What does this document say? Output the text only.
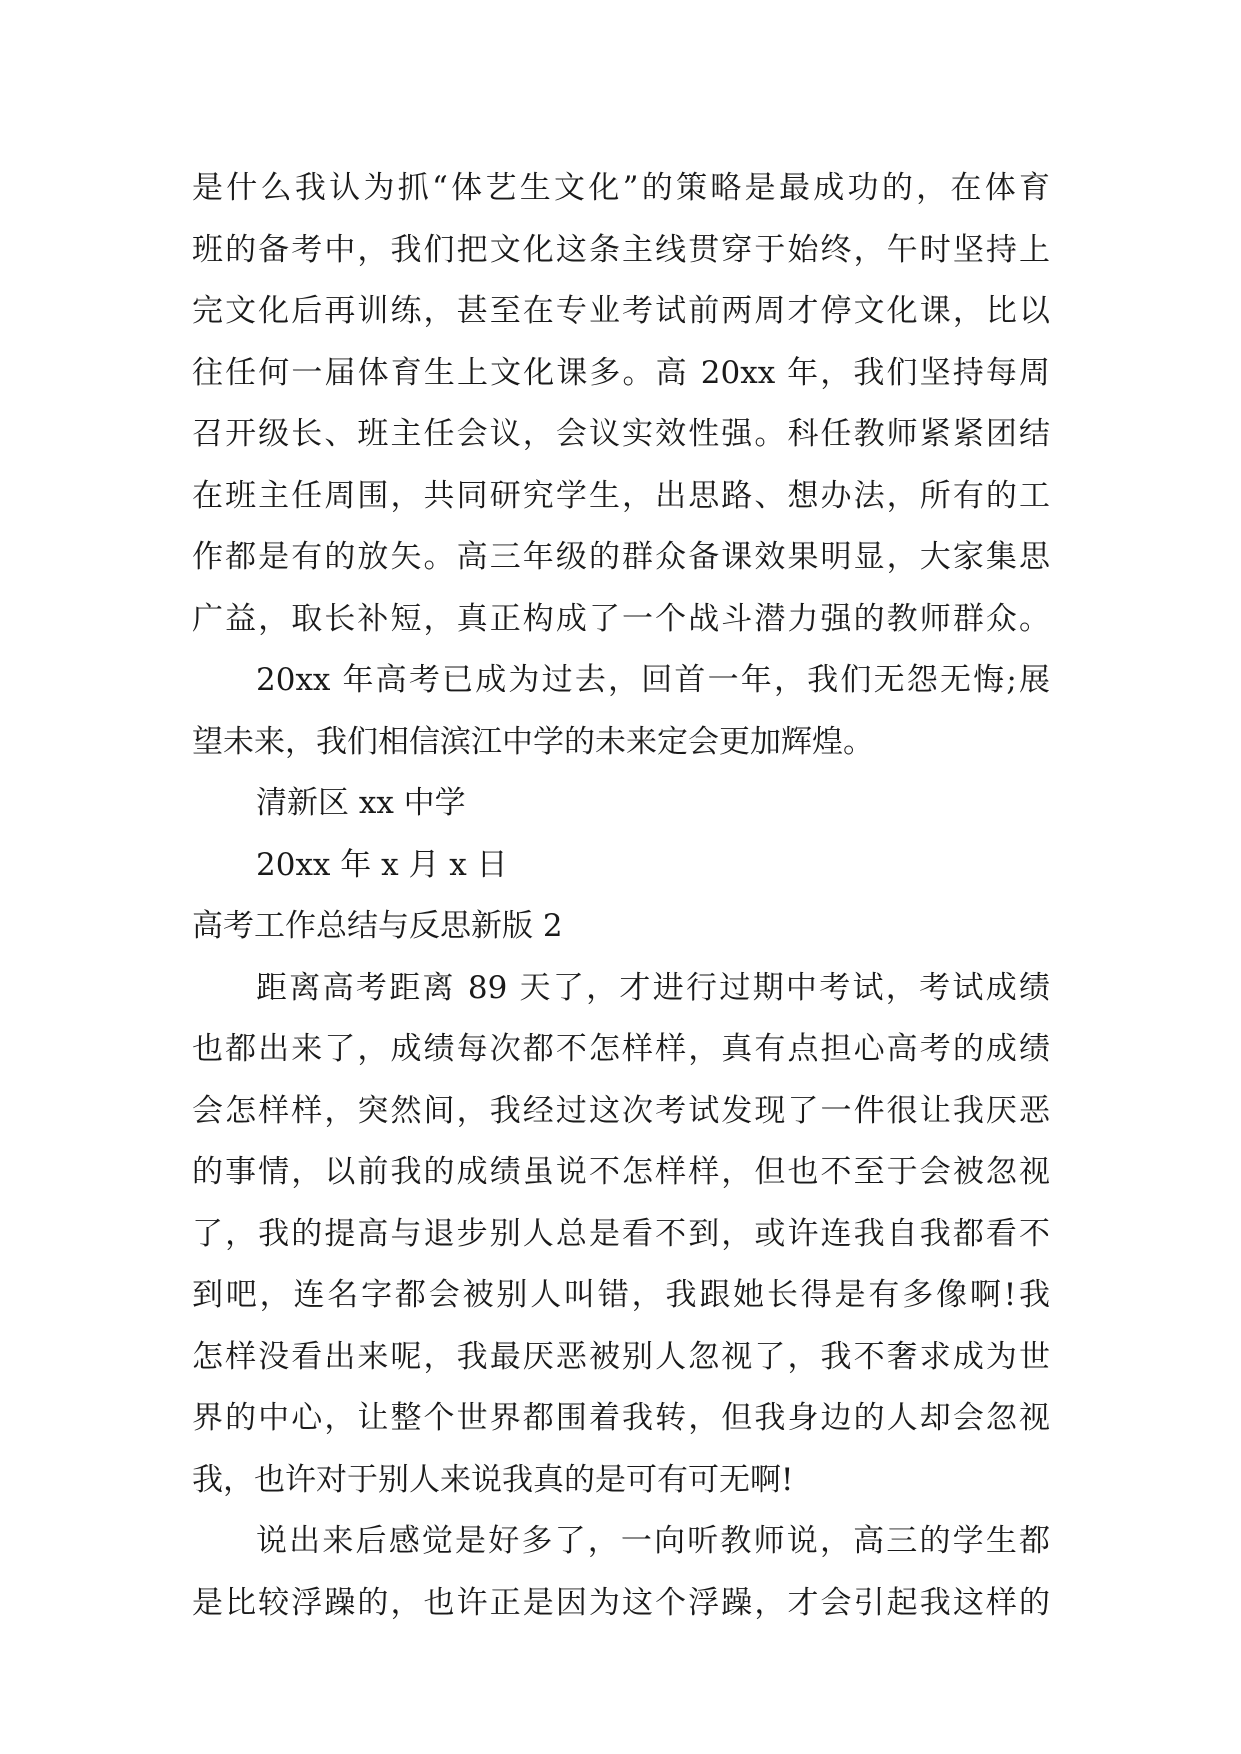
是什么我认为抓“体艺生文化”的策略是最成功的，在体育
班的备考中，我们把文化这条主线贯穿于始终，午时坚持上
完文化后再训练，甚至在专业考试前两周才停文化课，比以
往任何一届体育生上文化课多。高 20xx 年，我们坚持每周
召开级长、班主任会议，会议实效性强。科任教师紧紧团结
在班主任周围，共同研究学生，出思路、想办法，所有的工
作都是有的放矢。高三年级的群众备课效果明显，大家集思
广益，取长补短，真正构成了一个战斗潜力强的教师群众。
20xx 年高考已成为过去，回首一年，我们无怨无悔;展
望未来，我们相信滨江中学的未来定会更加辉煌。
清新区 xx 中学
20xx 年 x 月 x 日
高考工作总结与反思新版 2
距离高考距离 89 天了，才进行过期中考试，考试成绩
也都出来了，成绩每次都不怎样样，真有点担心高考的成绩
会怎样样，突然间，我经过这次考试发现了一件很让我厌恶
的事情，以前我的成绩虽说不怎样样，但也不至于会被忽视
了，我的提高与退步别人总是看不到，或许连我自我都看不
到吧，连名字都会被别人叫错，我跟她长得是有多像啊!我
怎样没看出来呢，我最厌恶被别人忽视了，我不奢求成为世
界的中心，让整个世界都围着我转，但我身边的人却会忽视
我，也许对于别人来说我真的是可有可无啊!
说出来后感觉是好多了，一向听教师说，高三的学生都
是比较浮躁的，也许正是因为这个浮躁，才会引起我这样的
